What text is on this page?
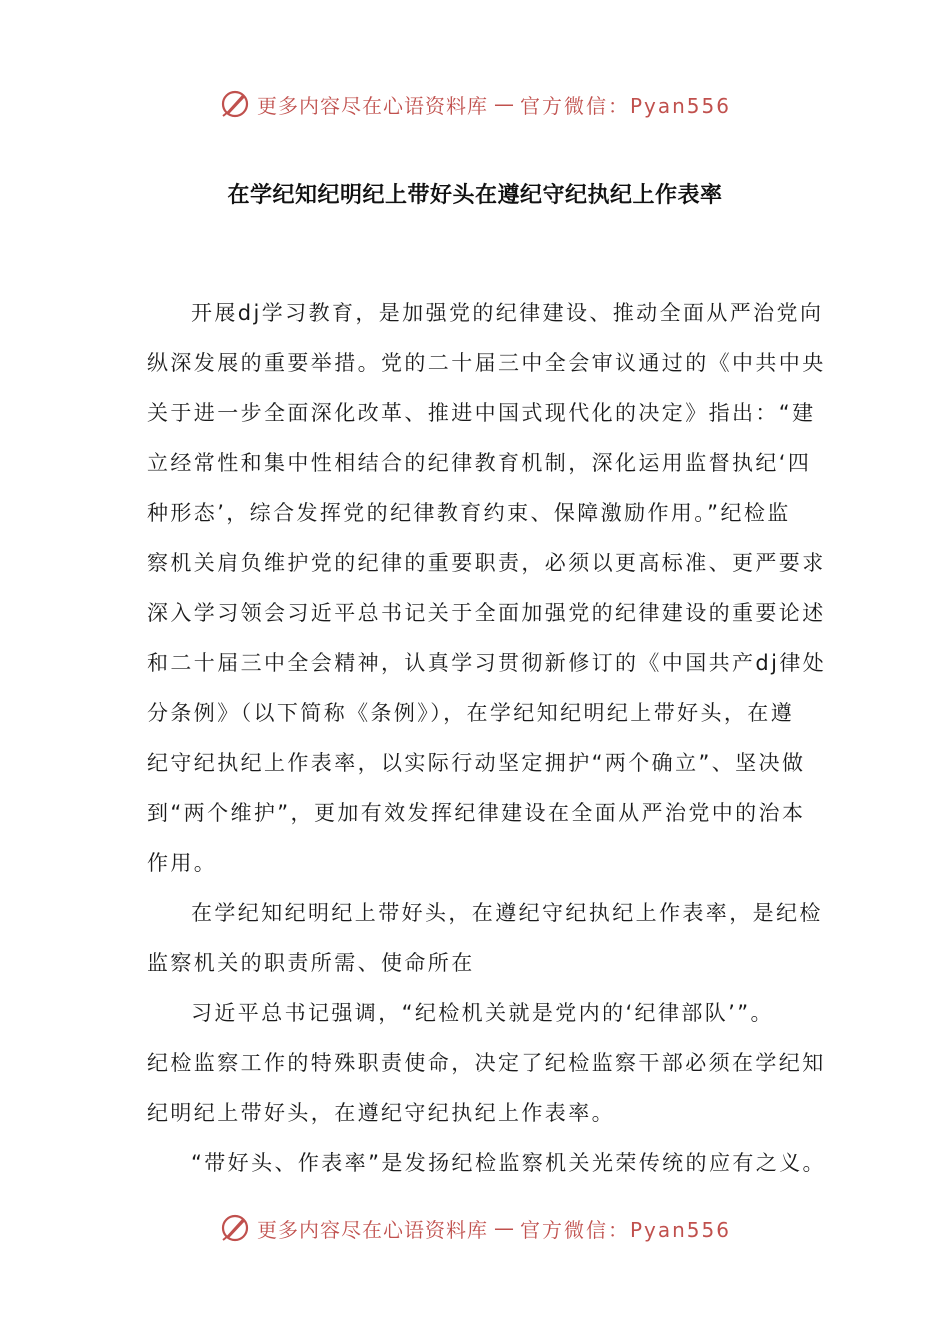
更多内容尽在心语资料库 — 官方微信：Pyan556
在学纪知纪明纪上带好头在遵纪守纪执纪上作表率
开展dj学习教育，是加强党的纪律建设、推动全面从严治党向
纵深发展的重要举措。党的二十届三中全会审议通过的《中共中央
关于进一步全面深化改革、推进中国式现代化的决定》指出：“建
立经常性和集中性相结合的纪律教育机制，深化运用监督执纪‘四
种形态’，综合发挥党的纪律教育约束、保障激励作用。”纪检监
察机关肩负维护党的纪律的重要职责，必须以更高标准、更严要求
深入学习领会习近平总书记关于全面加强党的纪律建设的重要论述
和二十届三中全会精神，认真学习贯彻新修订的《中国共产dj律处
分条例》（以下简称《条例》），在学纪知纪明纪上带好头，在遵
纪守纪执纪上作表率，以实际行动坚定拥护“两个确立”、坚决做
到“两个维护”，更加有效发挥纪律建设在全面从严治党中的治本
作用。
在学纪知纪明纪上带好头，在遵纪守纪执纪上作表率，是纪检
监察机关的职责所需、使命所在
习近平总书记强调，“纪检机关就是党内的‘纪律部队’”。
纪检监察工作的特殊职责使命，决定了纪检监察干部必须在学纪知
纪明纪上带好头，在遵纪守纪执纪上作表率。
“带好头、作表率”是发扬纪检监察机关光荣传统的应有之义。
更多内容尽在心语资料库 — 官方微信：Pyan556
